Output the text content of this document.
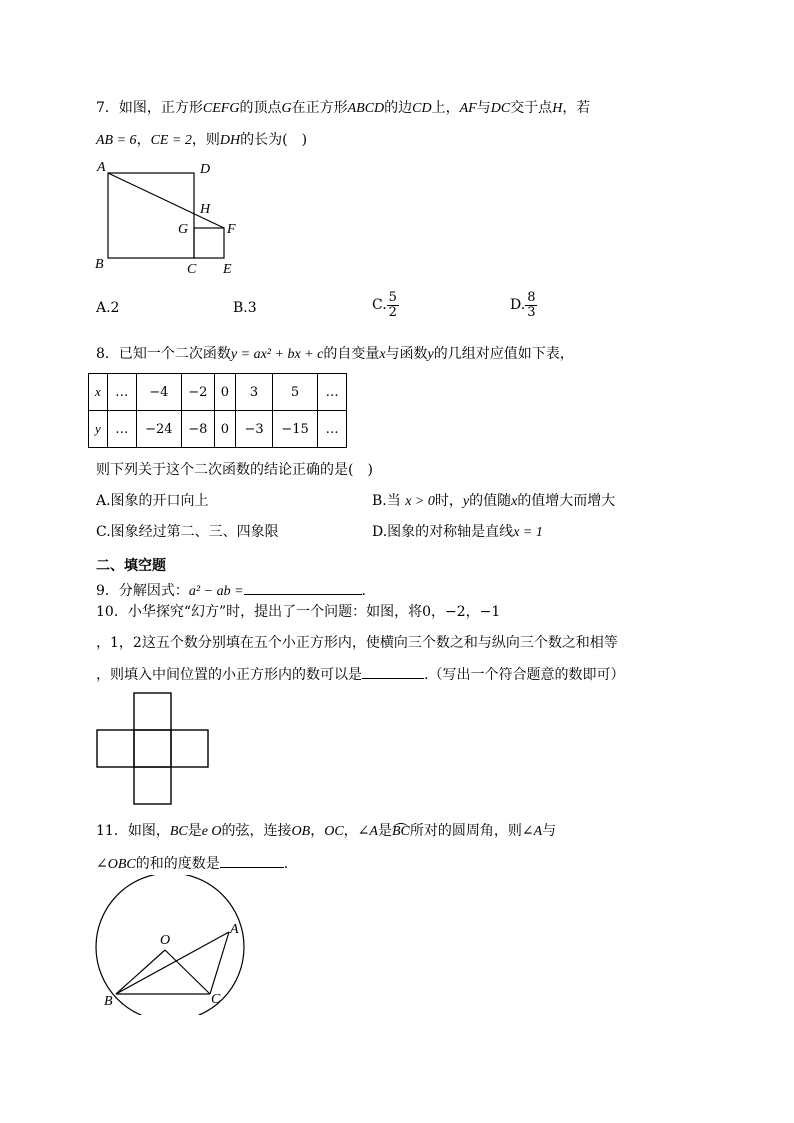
7．如图，正方形CEFG的顶点G在正方形ABCD的边CD上，AF与DC交于点H，若
AB = 6，CE = 2，则DH的长为(　)
A	D
H
G	F
B	C E
A.2	B.3	C. $\frac{5}{2}$	D. $\frac{8}{3}$
8．已知一个二次函数y = ax² + bx + c的自变量x与函数y的几组对应值如下表，
x	…	−4	−2	0	3	5	…
y	…	−24	−8	0	−3	−15	…
则下列关于这个二次函数的结论正确的是(　)
A.图象的开口向上	B.当 x > 0时，y的值随x的值增大而增大
C.图象经过第二、三、四象限	D.图象的对称轴是直线x = 1
二、填空题
9．分解因式：a² − ab =	.
10．小华探究“幻方”时，提出了一个问题：如图，将0，−2，−1
，1，2这五个数分别填在五个小正方形内，使横向三个数之和与纵向三个数之和相等
，则填入中间位置的小正方形内的数可以是	.（写出一个符合题意的数即可）
11．如图，BC是e O的弦，连接OB，OC，∠A是BC所对的圆周角，则∠A与
∠OBC的和的度数是	.
O
A
B	C
